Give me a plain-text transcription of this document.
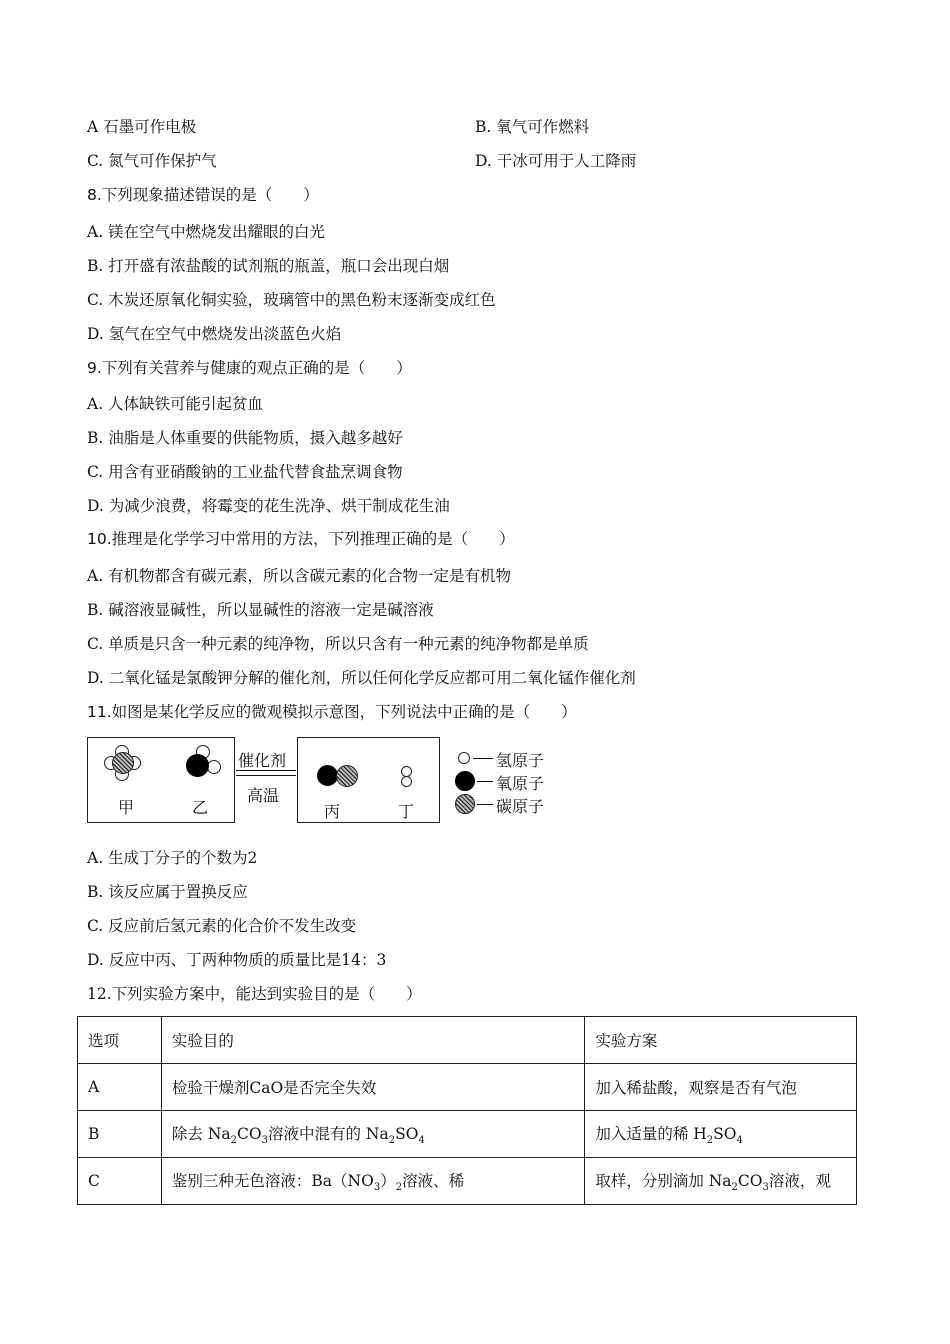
A 石墨可作电极	B. 氧气可作燃料
C. 氮气可作保护气	D. 干冰可用于人工降雨
8.下列现象描述错误的是（　　）
A. 镁在空气中燃烧发出耀眼的白光
B. 打开盛有浓盐酸的试剂瓶的瓶盖，瓶口会出现白烟
C. 木炭还原氧化铜实验，玻璃管中的黑色粉末逐渐变成红色
D. 氢气在空气中燃烧发出淡蓝色火焰
9.下列有关营养与健康的观点正确的是（　　）
A. 人体缺铁可能引起贫血
B. 油脂是人体重要的供能物质，摄入越多越好
C. 用含有亚硝酸钠的工业盐代替食盐烹调食物
D. 为减少浪费，将霉变的花生洗净、烘干制成花生油
10.推理是化学学习中常用的方法，下列推理正确的是（　　）
A. 有机物都含有碳元素，所以含碳元素的化合物一定是有机物
B. 碱溶液显碱性，所以显碱性的溶液一定是碱溶液
C. 单质是只含一种元素的纯净物，所以只含有一种元素的纯净物都是单质
D. 二氧化锰是氯酸钾分解的催化剂，所以任何化学反应都可用二氧化锰作催化剂
11.如图是某化学反应的微观模拟示意图，下列说法中正确的是（　　）
甲	乙
催化剂
高温
丙	丁
氢原子
氧原子
碳原子
A. 生成丁分子的个数为2
B. 该反应属于置换反应
C. 反应前后氢元素的化合价不发生改变
D. 反应中丙、丁两种物质的质量比是14：3
12.下列实验方案中，能达到实验目的是（　　）
选项	实验目的	实验方案
A	检验干燥剂CaO是否完全失效	加入稀盐酸，观察是否有气泡
B	除去 $Na_2CO_3$溶液中混有的 $Na_2SO_4$	加入适量的稀 $H_2SO_4$
C	鉴别三种无色溶液：$Ba(NO_3)_2$溶液、稀	取样，分别滴加 $Na_2CO_3$溶液，观
